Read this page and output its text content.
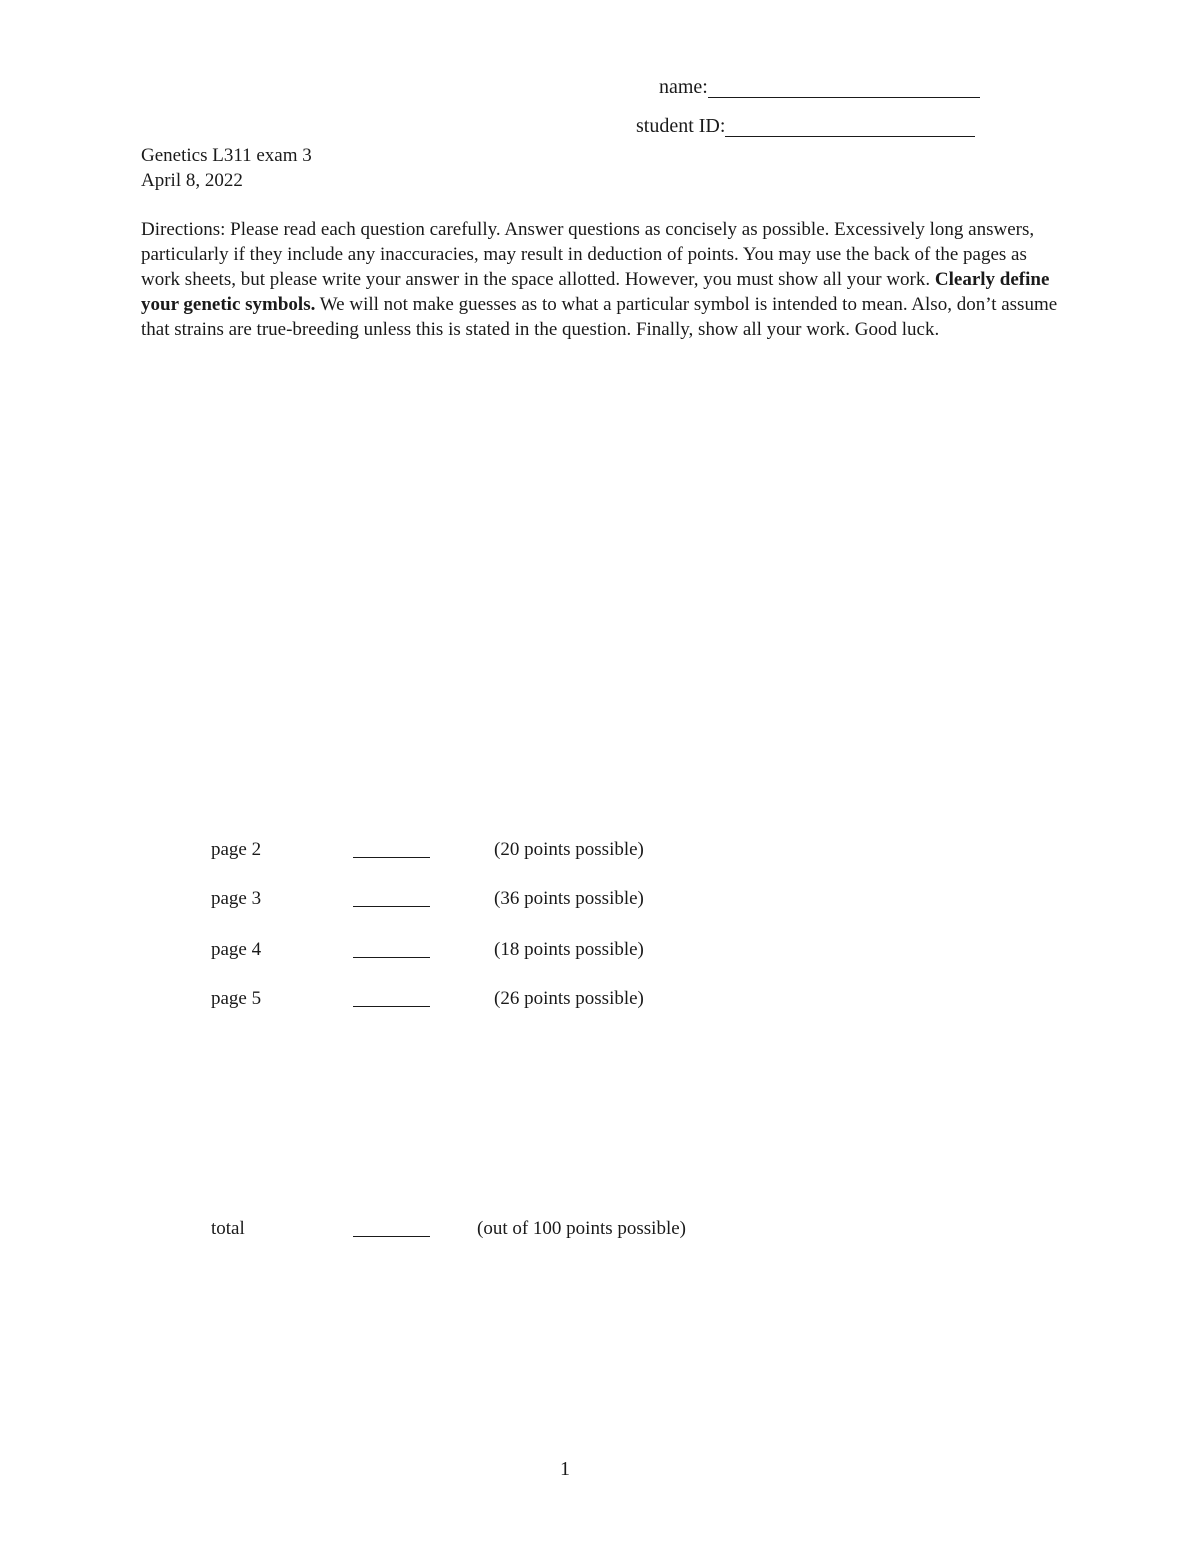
name:
student ID:
Genetics L311 exam 3
April 8, 2022
Directions: Please read each question carefully. Answer questions as concisely as possible. Excessively long answers, particularly if they include any inaccuracies, may result in deduction of points. You may use the back of the pages as work sheets, but please write your answer in the space allotted. However, you must show all your work. Clearly define your genetic symbols. We will not make guesses as to what a particular symbol is intended to mean. Also, don’t assume that strains are true-breeding unless this is stated in the question. Finally, show all your work. Good luck.
page 2	(20 points possible)
page 3	(36 points possible)
page 4	(18 points possible)
page 5	(26 points possible)
total	(out of 100 points possible)
1
